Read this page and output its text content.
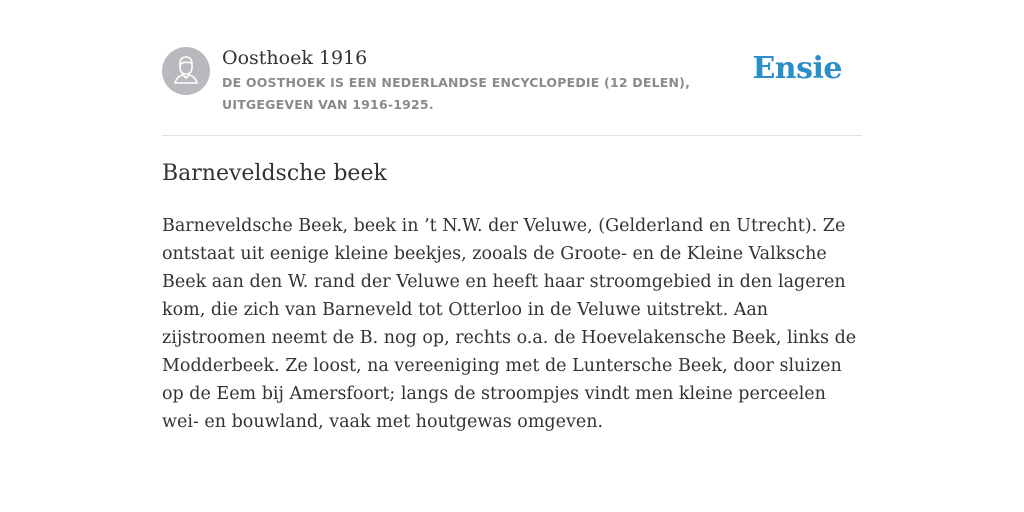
Oosthoek 1916
DE OOSTHOEK IS EEN NEDERLANDSE ENCYCLOPEDIE (12 DELEN), UITGEGEVEN VAN 1916-1925.
Ensie
Barneveldsche beek

Barneveldsche Beek, beek in ’t N.W. der Veluwe, (Gelderland en Utrecht). Ze ontstaat uit eenige kleine beekjes, zooals de Groote- en de Kleine Valksche Beek aan den W. rand der Veluwe en heeft haar stroomgebied in den lageren kom, die zich van Barneveld tot Otterloo in de Veluwe uitstrekt. Aan zijstroomen neemt de B. nog op, rechts o.a. de Hoevelakensche Beek, links de Modderbeek. Ze loost, na vereeniging met de Luntersche Beek, door sluizen op de Eem bij Amersfoort; langs de stroompjes vindt men kleine perceelen wei- en bouwland, vaak met houtgewas omgeven.
